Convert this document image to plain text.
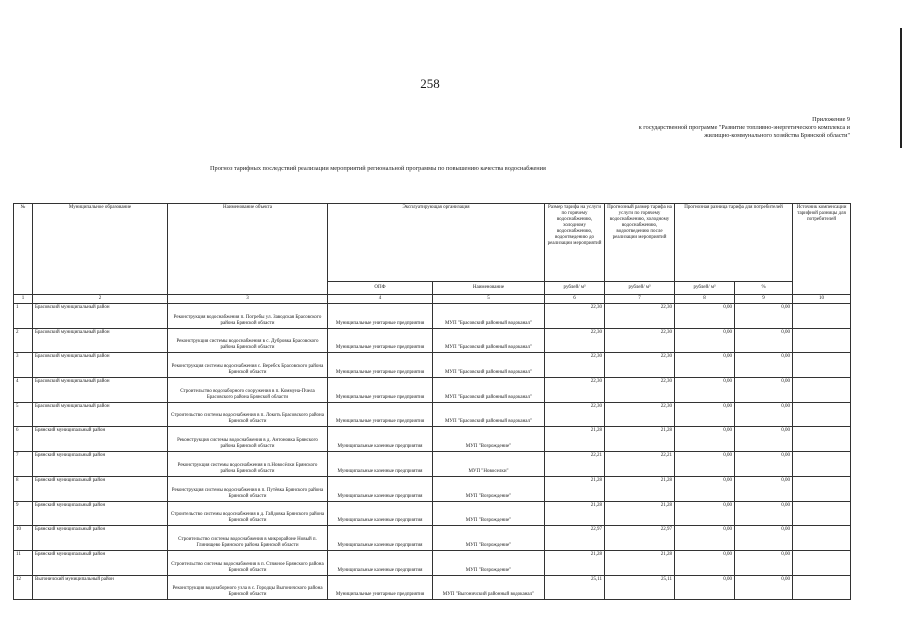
258
Приложение 9
к государственной программе "Развитие топливно-энергетического комплекса и
жилищно-коммунального хозяйства Брянской области"
Прогноз тарифных последствий реализации мероприятий региональной программы по повышению качества водоснабжения
№	Муниципальное образование	Наименование объекта	Эксплуатирующая организация		Размер тарифа на услуги по горячему водоснабжению, холодному водоснабжению, водоотведению до реализации мероприятий	Прогнозный размер тарифа на услуги по горячему водоснабжению, холодному водоснабжению, водоотведению после реализации мероприятий	Прогнозная разница тарифа для потребителей		Источник компенсации тарифной разницы для потребителей
			ОПФ	Наименование	рублей/ м³	рублей/ м³	рублей/ м³	%	
1	2	3	4	5	6	7	8	9	10
1	Брасовский муниципальный район	Реконструкция водоснабжения п. Погребы ул. Заводская Брасовского района Брянской области	Муниципальные унитарные предприятия	МУП "Брасовский районный водоканал"	22,30	22,30	0,00	0,00	
2	Брасовский муниципальный район	Реконструкция системы водоснабжения в с. Дубровка Брасовского района Брянской области	Муниципальные унитарные предприятия	МУП "Брасовский районный водоканал"	22,30	22,30	0,00	0,00	
3	Брасовский муниципальный район	Реконструкция системы водоснабжения с. Веребск Брасовского района Брянской области	Муниципальные унитарные предприятия	МУП "Брасовский районный водоканал"	22,30	22,30	0,00	0,00	
4	Брасовский муниципальный район	Строительство водозаборного сооружения в п. Коммуна-Пчела Брасовского района Брянской области	Муниципальные унитарные предприятия	МУП "Брасовский районный водоканал"	22,30	22,30	0,00	0,00	
5	Брасовский муниципальный район	Строительство системы водоснабжения в п. Локоть Брасовского района Брянской области	Муниципальные унитарные предприятия	МУП "Брасовский районный водоканал"	22,30	22,30	0,00	0,00	
6	Брянский муниципальный район	Реконструкция системы водоснабжения в д. Антоновка Брянского района Брянской области	Муниципальные казенные предприятия	МУП "Возрождение"	21,28	21,28	0,00	0,00	
7	Брянский муниципальный район	Реконструкция системы водоснабжения в п.Новосёлки Брянского района Брянской области	Муниципальные казенные предприятия	МУП "Новоселки"	22,21	22,21	0,00	0,00	
8	Брянский муниципальный район	Реконструкция системы водоснабжения в п. Путёвка Брянского района Брянской области	Муниципальные казенные предприятия	МУП "Возрождение"	21,28	21,28	0,00	0,00	
9	Брянский муниципальный район	Строительство системы водоснабжения в д. Гайдовка Брянского района Брянской области	Муниципальные казенные предприятия	МУП "Возрождение"	21,28	21,28	0,00	0,00	
10	Брянский муниципальный район	Строительство системы водоснабжения в микрорайоне Новый п. Глинищево Брянского района Брянской области	Муниципальные казенные предприятия	МУП "Возрождение"	22,97	22,97	0,00	0,00	
11	Брянский муниципальный район	Строительство системы водоснабжения в п. Стяжное Брянского района Брянской области	Муниципальные казенные предприятия	МУП "Возрождение"	21,28	21,28	0,00	0,00	
12	Выгоничский муниципальный район	Реконструкция водозаборного узла в с. Городцы Выгоничского района Брянской области	Муниципальные унитарные предприятия	МУП "Выгоничский районный водоканал"	25,11	25,11	0,00	0,00	
